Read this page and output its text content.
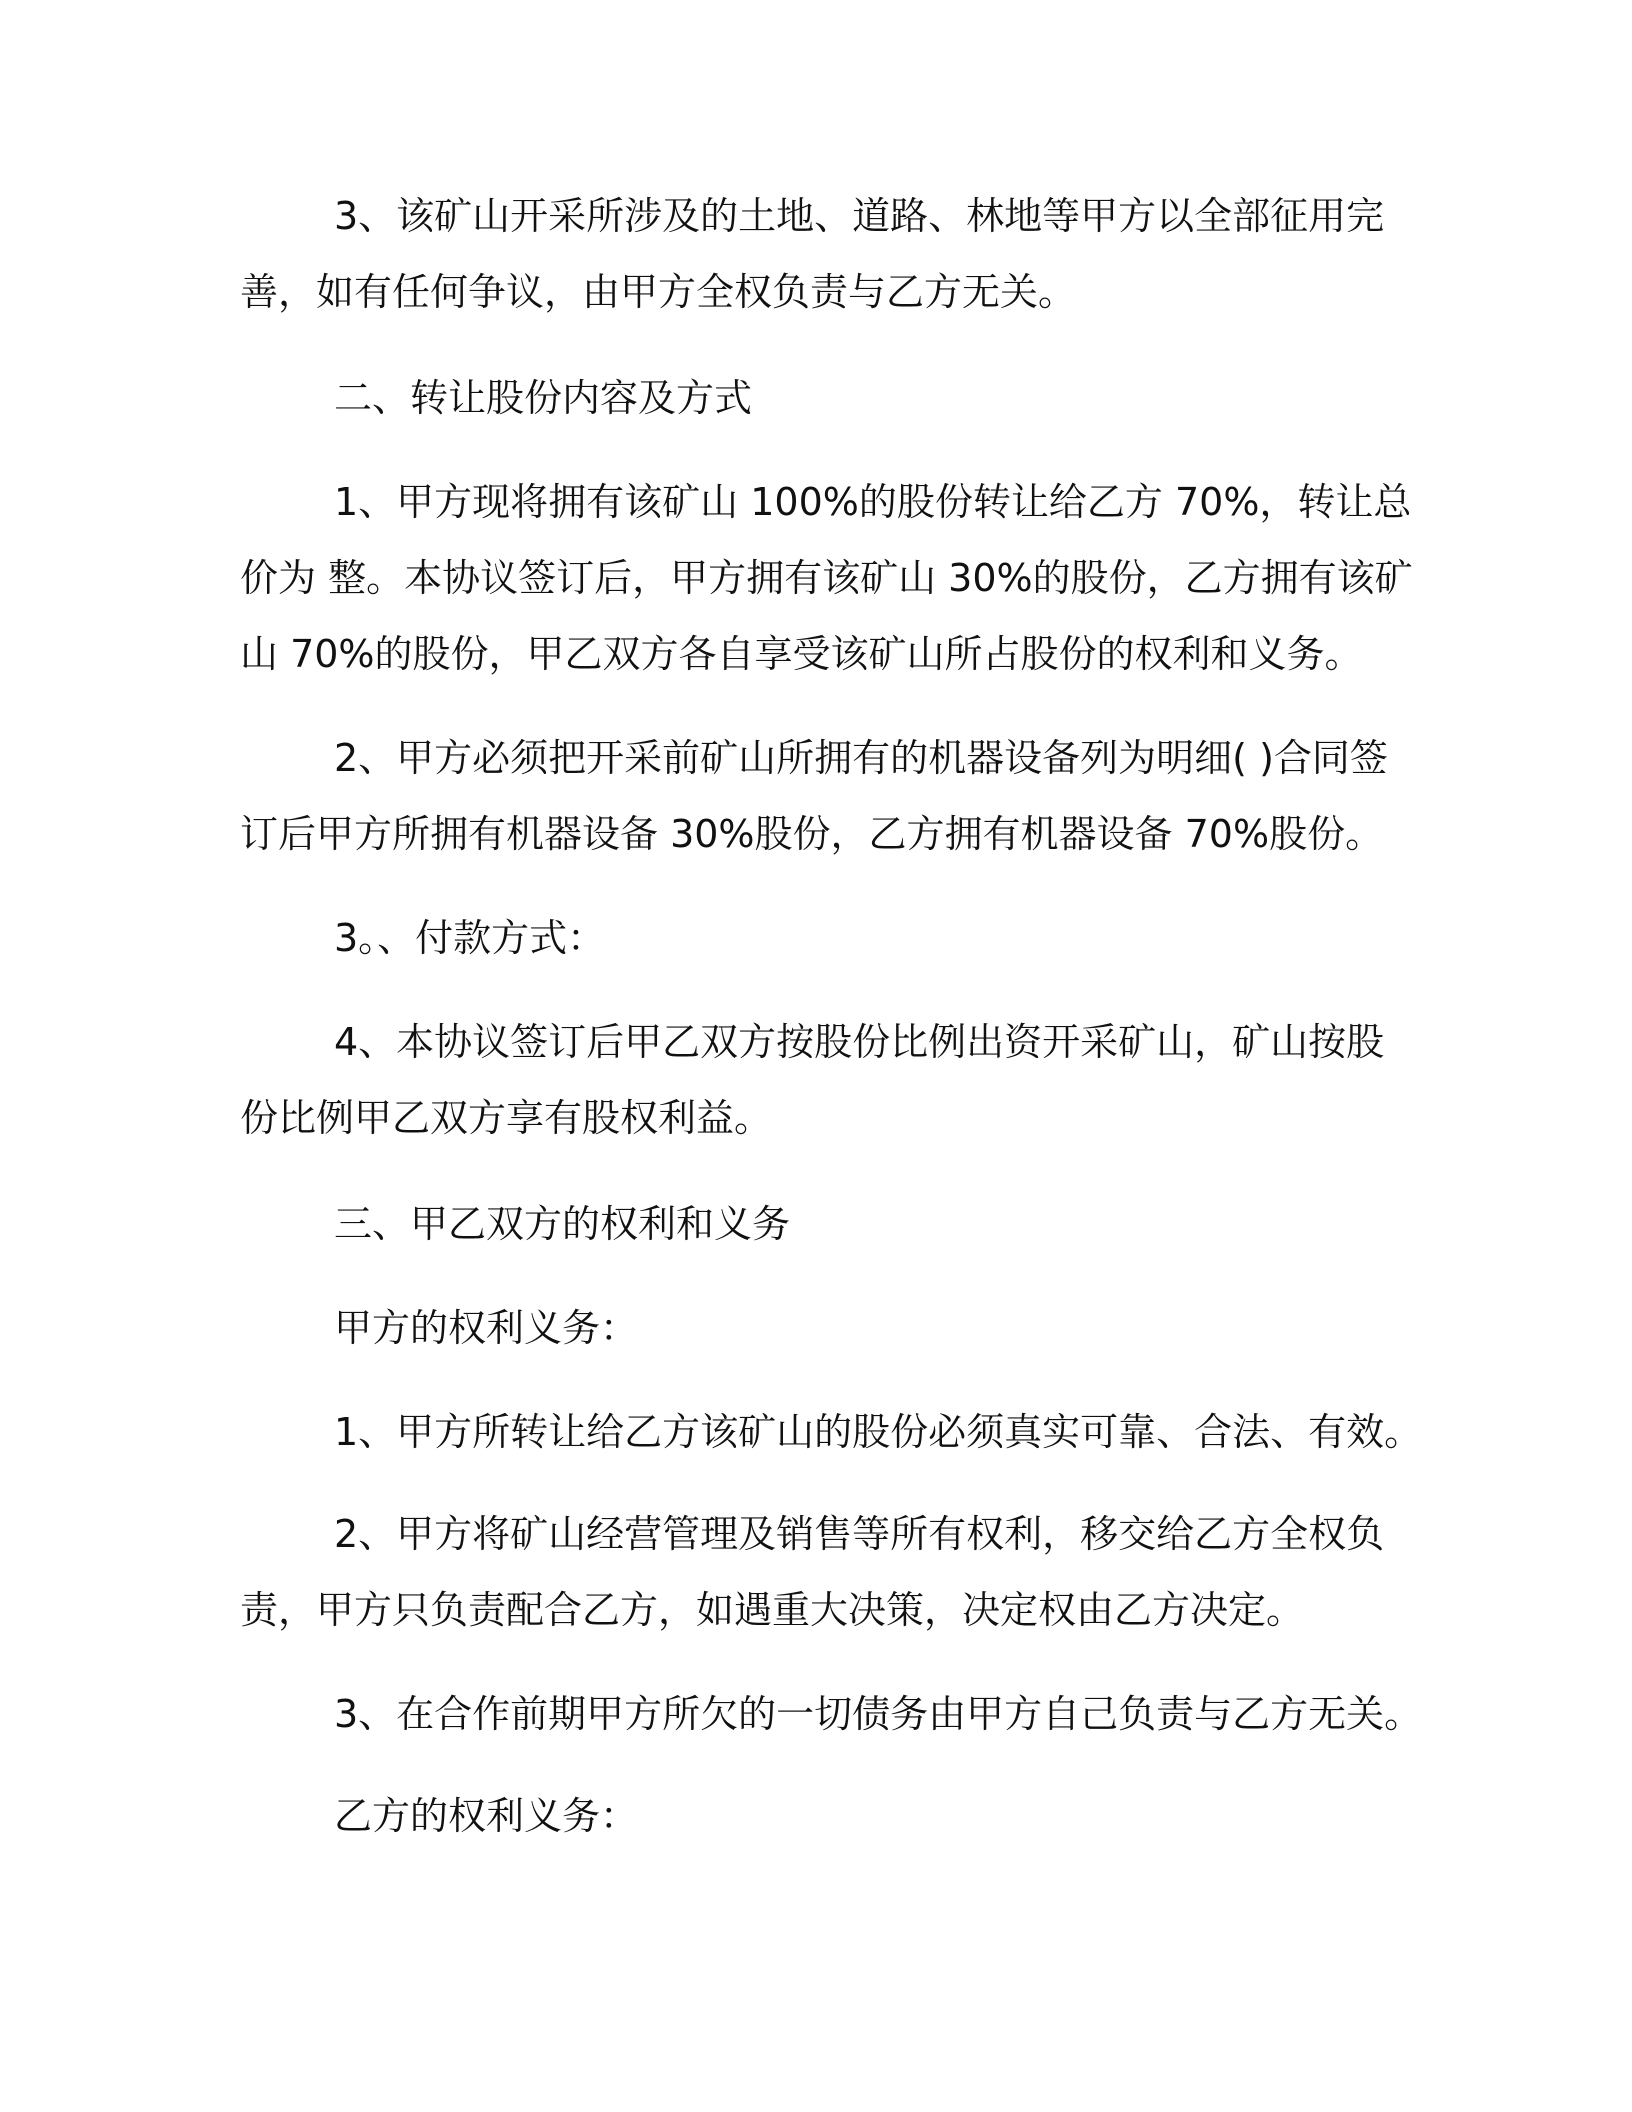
3、该矿山开采所涉及的土地、道路、林地等甲方以全部征用完
善，如有任何争议，由甲方全权负责与乙方无关。

二、转让股份内容及方式

1、甲方现将拥有该矿山 100%的股份转让给乙方 70%，转让总
价为 整。本协议签订后，甲方拥有该矿山 30%的股份，乙方拥有该矿
山 70%的股份，甲乙双方各自享受该矿山所占股份的权利和义务。

2、甲方必须把开采前矿山所拥有的机器设备列为明细( )合同签
订后甲方所拥有机器设备 30%股份，乙方拥有机器设备 70%股份。

3。、付款方式：

4、本协议签订后甲乙双方按股份比例出资开采矿山，矿山按股
份比例甲乙双方享有股权利益。

三、甲乙双方的权利和义务

甲方的权利义务：

1、甲方所转让给乙方该矿山的股份必须真实可靠、合法、有效。

2、甲方将矿山经营管理及销售等所有权利，移交给乙方全权负
责，甲方只负责配合乙方，如遇重大决策，决定权由乙方决定。

3、在合作前期甲方所欠的一切债务由甲方自己负责与乙方无关。

乙方的权利义务：
